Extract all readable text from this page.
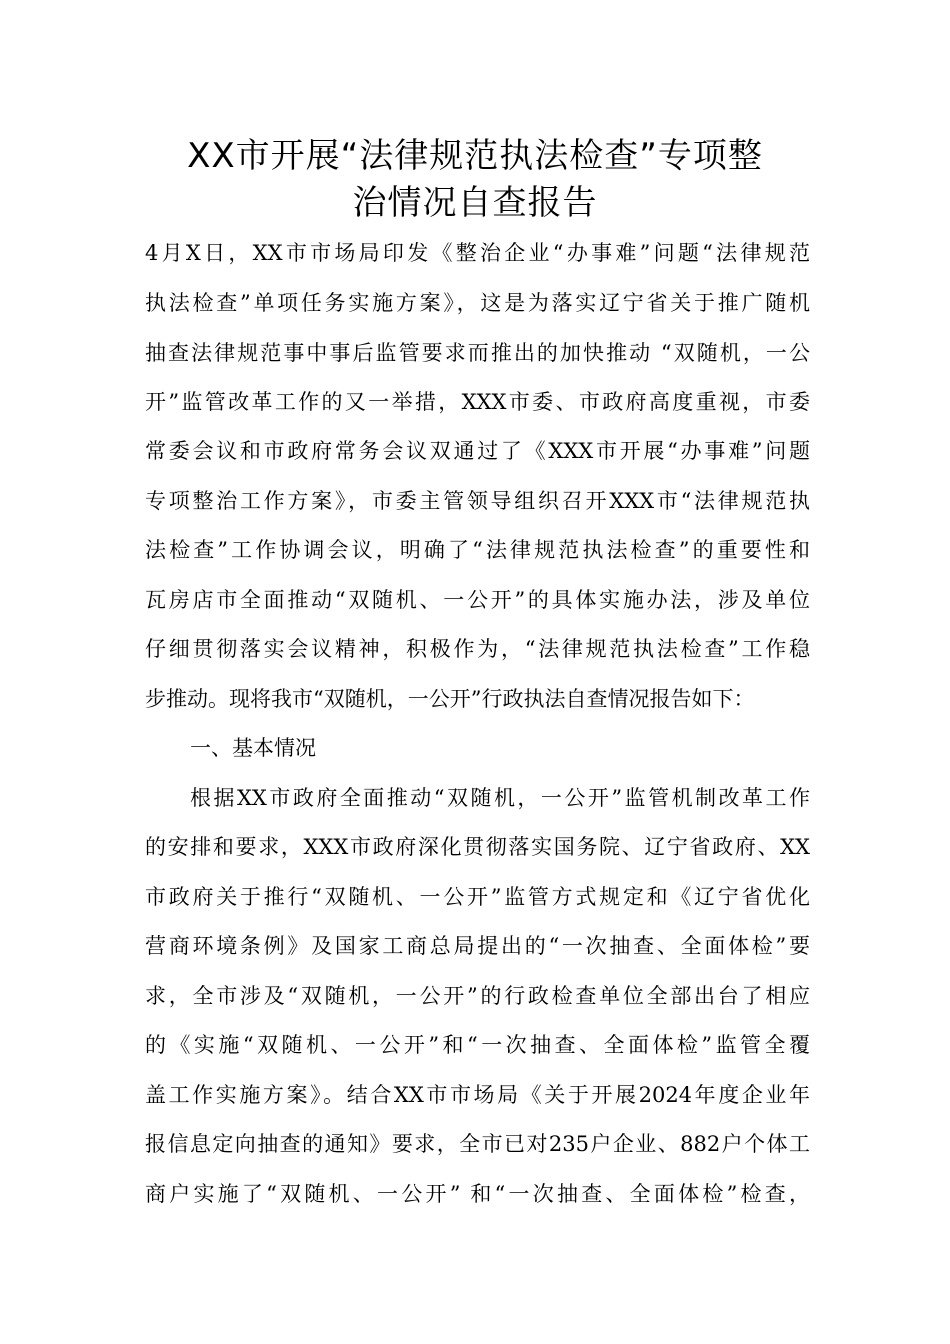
XX市开展“法律规范执法检查”专项整
治情况自查报告
4月X日，XX市市场局印发《整治企业“办事难”问题“法律规范
执法检查”单项任务实施方案》，这是为落实辽宁省关于推广随机
抽查法律规范事中事后监管要求而推出的加快推动 “双随机，一公
开”监管改革工作的又一举措，XXX市委、市政府高度重视，市委
常委会议和市政府常务会议双通过了《XXX市开展“办事难”问题
专项整治工作方案》，市委主管领导组织召开XXX市“法律规范执
法检查”工作协调会议，明确了“法律规范执法检查”的重要性和
瓦房店市全面推动“双随机、一公开”的具体实施办法，涉及单位
仔细贯彻落实会议精神，积极作为，“法律规范执法检查”工作稳
步推动。现将我市“双随机，一公开”行政执法自查情况报告如下：
一、基本情况
根据XX市政府全面推动“双随机，一公开”监管机制改革工作
的安排和要求，XXX市政府深化贯彻落实国务院、辽宁省政府、XX
市政府关于推行“双随机、一公开”监管方式规定和《辽宁省优化
营商环境条例》及国家工商总局提出的“一次抽查、全面体检”要
求，全市涉及“双随机，一公开”的行政检查单位全部出台了相应
的《实施“双随机、一公开”和“一次抽查、全面体检”监管全覆
盖工作实施方案》。结合XX市市场局《关于开展2024年度企业年
报信息定向抽查的通知》要求，全市已对235户企业、882户个体工
商户实施了“双随机、一公开” 和“一次抽查、全面体检”检查，
